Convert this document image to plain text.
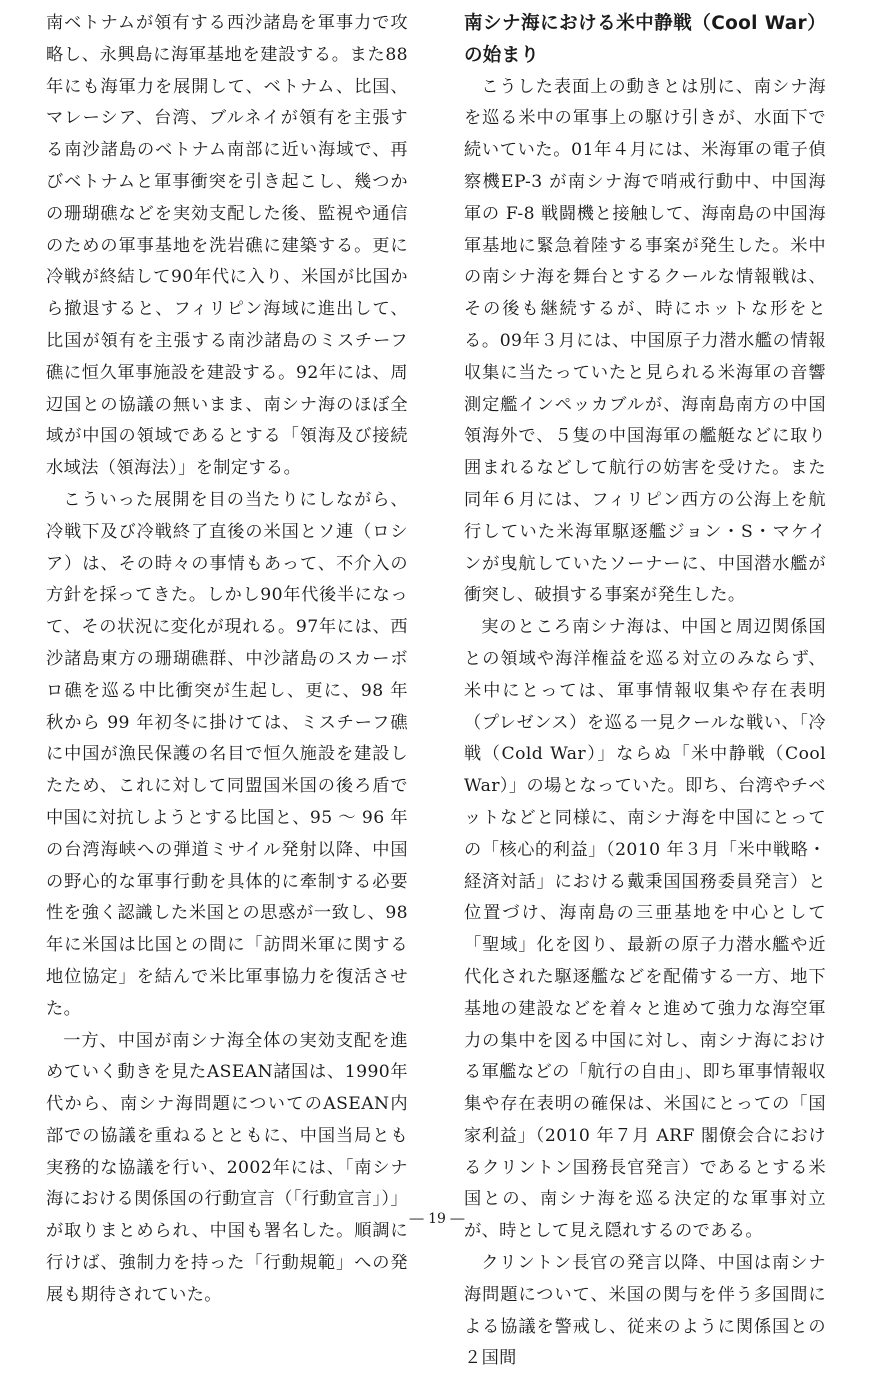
南ベトナムが領有する西沙諸島を軍事力で攻略し、永興島に海軍基地を建設する。また88年にも海軍力を展開して、ベトナム、比国、マレーシア、台湾、ブルネイが領有を主張する南沙諸島のベトナム南部に近い海域で、再びベトナムと軍事衝突を引き起こし、幾つかの珊瑚礁などを実効支配した後、監視や通信のための軍事基地を洗岩礁に建築する。更に冷戦が終結して90年代に入り、米国が比国から撤退すると、フィリピン海域に進出して、比国が領有を主張する南沙諸島のミスチーフ礁に恒久軍事施設を建設する。92年には、周辺国との協議の無いまま、南シナ海のほぼ全域が中国の領域であるとする「領海及び接続水域法（領海法）」を制定する。

こういった展開を目の当たりにしながら、冷戦下及び冷戦終了直後の米国とソ連（ロシア）は、その時々の事情もあって、不介入の方針を採ってきた。しかし90年代後半になって、その状況に変化が現れる。97年には、西沙諸島東方の珊瑚礁群、中沙諸島のスカーボロ礁を巡る中比衝突が生起し、更に、98 年秋から 99 年初冬に掛けては、ミスチーフ礁に中国が漁民保護の名目で恒久施設を建設したため、これに対して同盟国米国の後ろ盾で中国に対抗しようとする比国と、95 ～ 96 年の台湾海峡への弾道ミサイル発射以降、中国の野心的な軍事行動を具体的に牽制する必要性を強く認識した米国との思惑が一致し、98年に米国は比国との間に「訪問米軍に関する地位協定」を結んで米比軍事協力を復活させた。

一方、中国が南シナ海全体の実効支配を進めていく動きを見たASEAN諸国は、1990年代から、南シナ海問題についてのASEAN内部での協議を重ねるとともに、中国当局とも実務的な協議を行い、2002年には、「南シナ海における関係国の行動宣言（「行動宣言」）」が取りまとめられ、中国も署名した。順調に行けば、強制力を持った「行動規範」への発展も期待されていた。

南シナ海における米中静戦（Cool War）の始まり

こうした表面上の動きとは別に、南シナ海を巡る米中の軍事上の駆け引きが、水面下で続いていた。01年４月には、米海軍の電子偵察機EP-3 が南シナ海で哨戒行動中、中国海軍の F-8 戦闘機と接触して、海南島の中国海軍基地に緊急着陸する事案が発生した。米中の南シナ海を舞台とするクールな情報戦は、その後も継続するが、時にホットな形をとる。09年３月には、中国原子力潜水艦の情報収集に当たっていたと見られる米海軍の音響測定艦インペッカブルが、海南島南方の中国領海外で、５隻の中国海軍の艦艇などに取り囲まれるなどして航行の妨害を受けた。また同年６月には、フィリピン西方の公海上を航行していた米海軍駆逐艦ジョン・S・マケインが曳航していたソーナーに、中国潜水艦が衝突し、破損する事案が発生した。

実のところ南シナ海は、中国と周辺関係国との領域や海洋権益を巡る対立のみならず、米中にとっては、軍事情報収集や存在表明（プレゼンス）を巡る一見クールな戦い、「冷戦（Cold War）」ならぬ「米中静戦（Cool War）」の場となっていた。即ち、台湾やチベットなどと同様に、南シナ海を中国にとっての「核心的利益」（2010 年３月「米中戦略・経済対話」における戴秉国国務委員発言）と位置づけ、海南島の三亜基地を中心として「聖域」化を図り、最新の原子力潜水艦や近代化された駆逐艦などを配備する一方、地下基地の建設などを着々と進めて強力な海空軍力の集中を図る中国に対し、南シナ海における軍艦などの「航行の自由」、即ち軍事情報収集や存在表明の確保は、米国にとっての「国家利益」（2010 年７月 ARF 閣僚会合におけるクリントン国務長官発言）であるとする米国との、南シナ海を巡る決定的な軍事対立が、時として見え隠れするのである。

クリントン長官の発言以降、中国は南シナ海問題について、米国の関与を伴う多国間による協議を警戒し、従来のように関係国との２国間

― 19 ―
